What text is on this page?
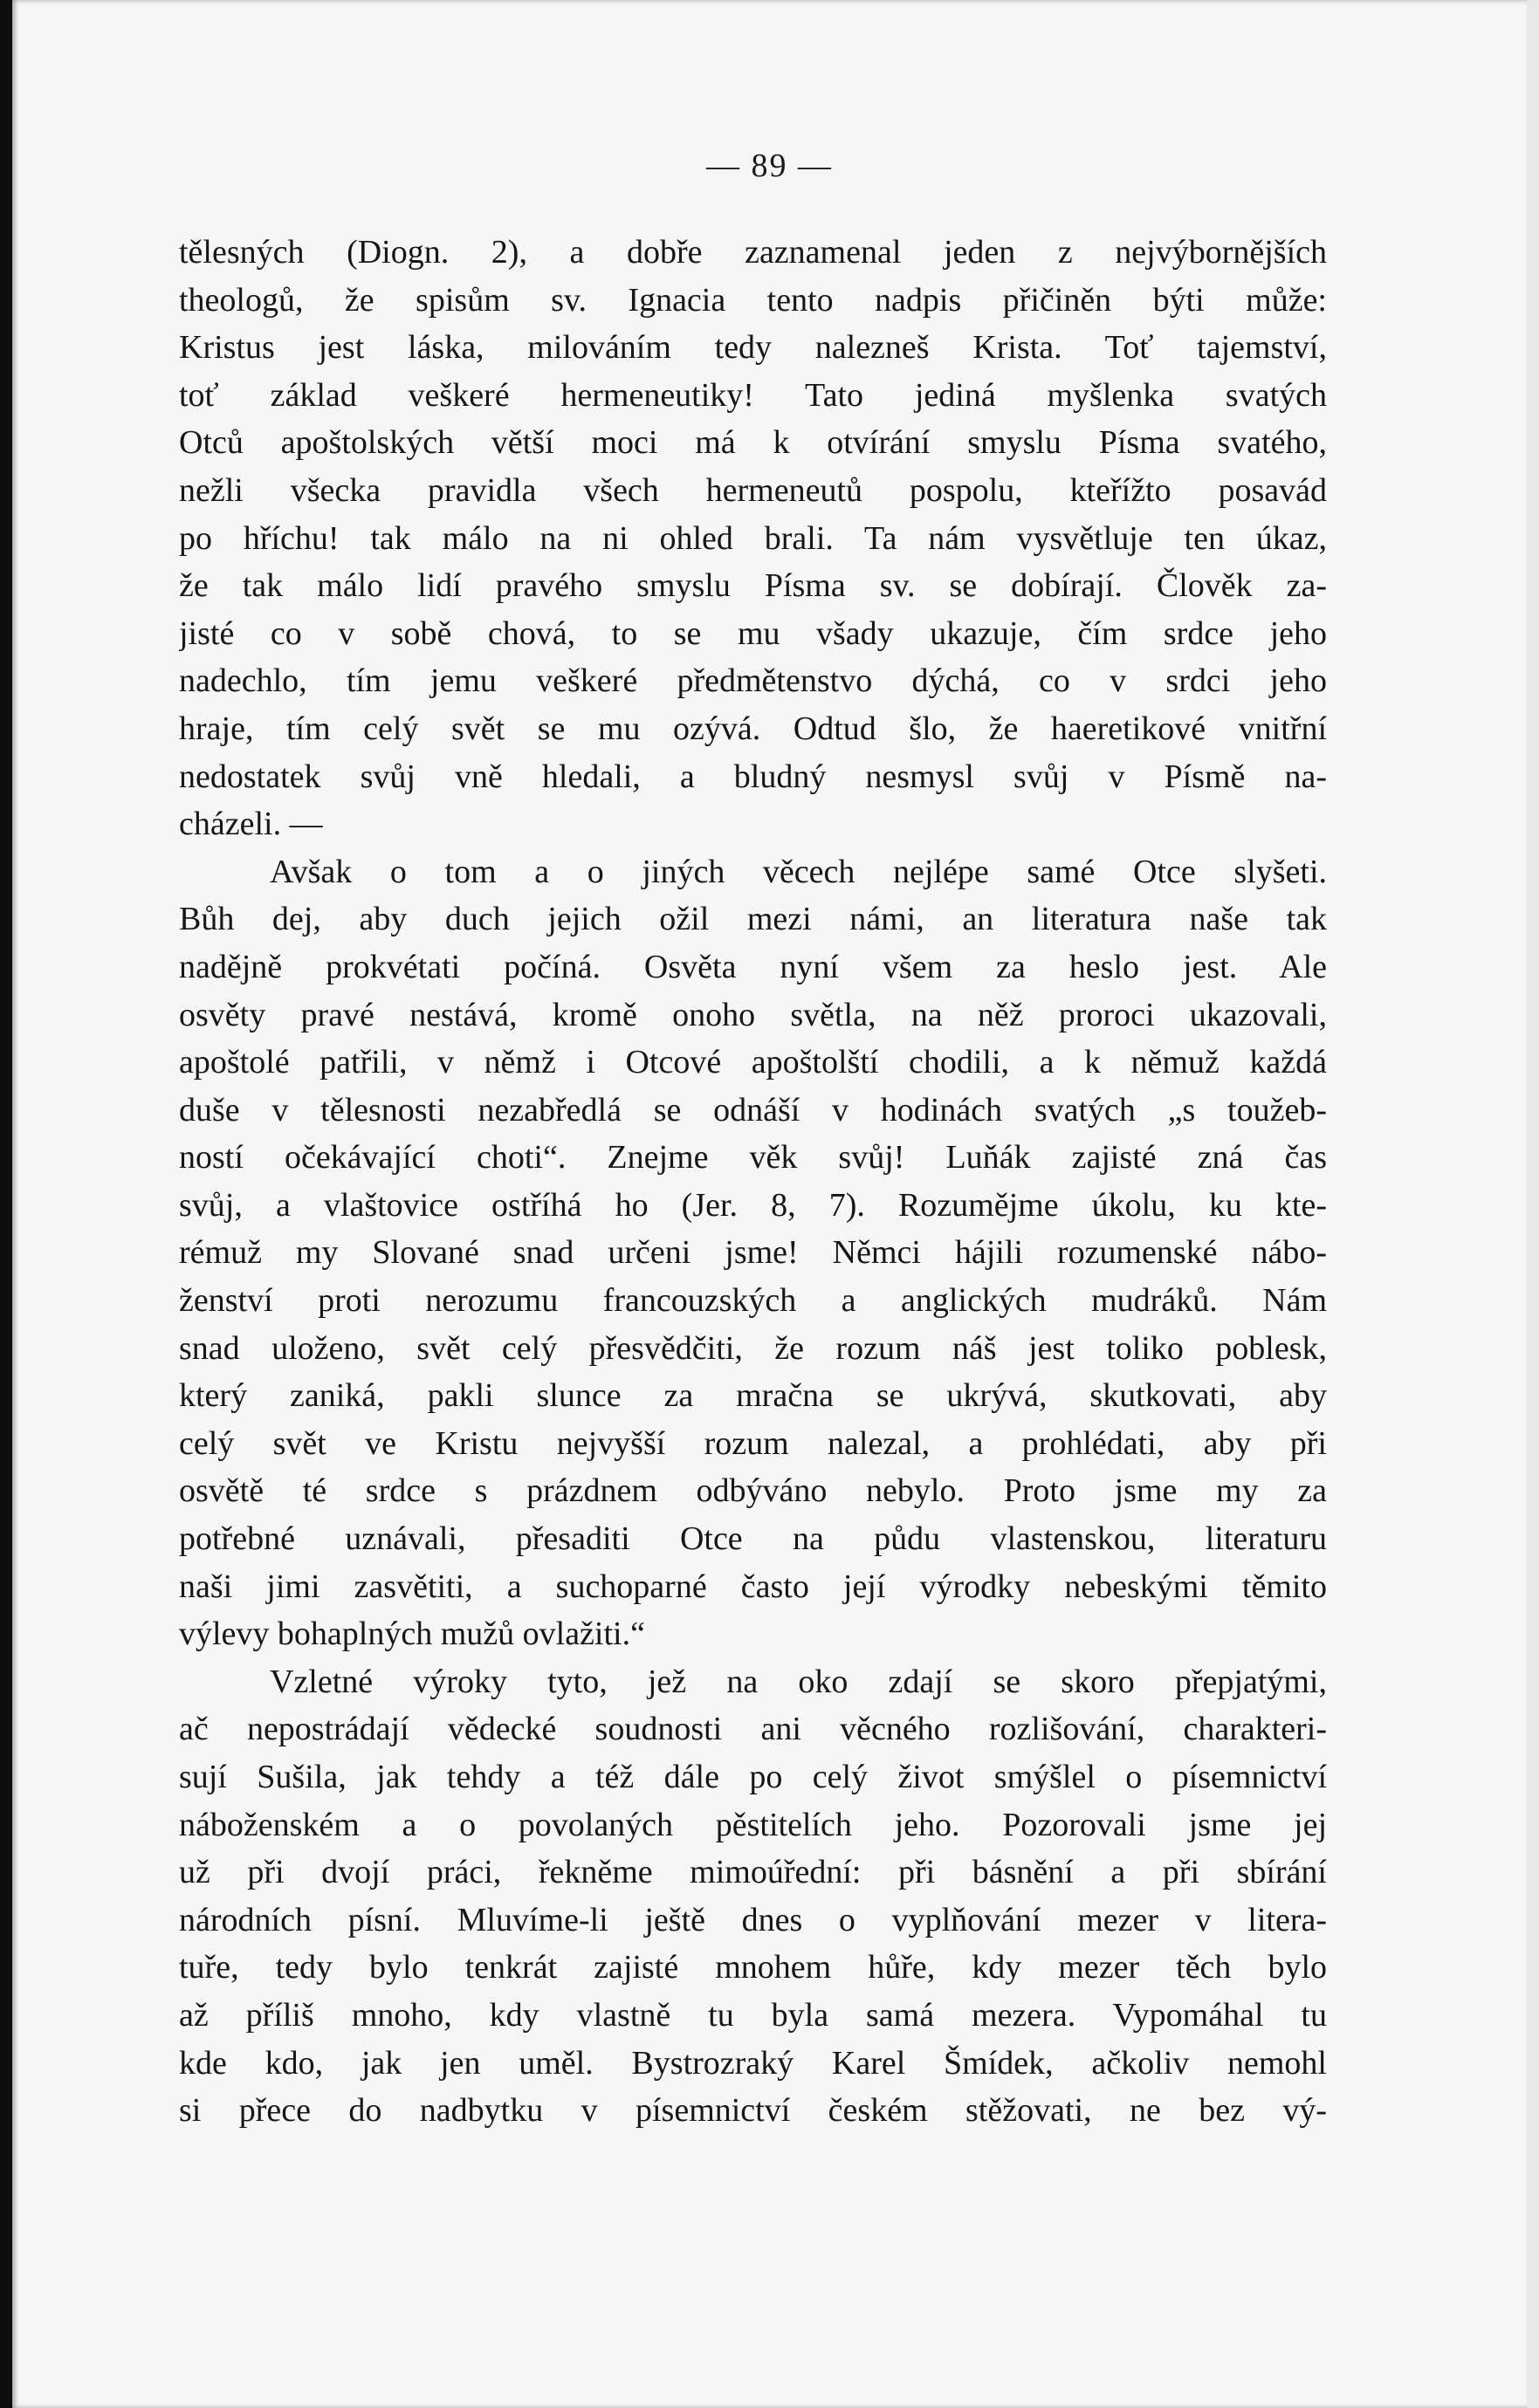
— 89 —
tělesných (Diogn. 2), a dobře zaznamenal jeden z nejvýbornějších
theologů, že spisům sv. Ignacia tento nadpis přičiněn býti může:
Kristus jest láska, milováním tedy nalezneš Krista. Toť tajemství,
toť základ veškeré hermeneutiky! Tato jediná myšlenka svatých
Otců apoštolských větší moci má k otvírání smyslu Písma svatého,
nežli všecka pravidla všech hermeneutů pospolu, kteřížto posavád
po hříchu! tak málo na ni ohled brali. Ta nám vysvětluje ten úkaz,
že tak málo lidí pravého smyslu Písma sv. se dobírají. Člověk za-
jisté co v sobě chová, to se mu všady ukazuje, čím srdce jeho
nadechlo, tím jemu veškeré předmětenstvo dýchá, co v srdci jeho
hraje, tím celý svět se mu ozývá. Odtud šlo, že haeretikové vnitřní
nedostatek svůj vně hledali, a bludný nesmysl svůj v Písmě na-
cházeli. —
Avšak o tom a o jiných věcech nejlépe samé Otce slyšeti.
Bůh dej, aby duch jejich ožil mezi námi, an literatura naše tak
nadějně prokvétati počíná. Osvěta nyní všem za heslo jest. Ale
osvěty pravé nestává, kromě onoho světla, na něž proroci ukazovali,
apoštolé patřili, v němž i Otcové apoštolští chodili, a k němuž každá
duše v tělesnosti nezabředlá se odnáší v hodinách svatých „s toužeb-
ností očekávající choti“. Znejme věk svůj! Luňák zajisté zná čas
svůj, a vlaštovice ostříhá ho (Jer. 8, 7). Rozumějme úkolu, ku kte-
rémuž my Slované snad určeni jsme! Němci hájili rozumenské nábo-
ženství proti nerozumu francouzských a anglických mudráků. Nám
snad uloženo, svět celý přesvědčiti, že rozum náš jest toliko poblesk,
který zaniká, pakli slunce za mračna se ukrývá, skutkovati, aby
celý svět ve Kristu nejvyšší rozum nalezal, a prohlédati, aby při
osvětě té srdce s prázdnem odbýváno nebylo. Proto jsme my za
potřebné uznávali, přesaditi Otce na půdu vlastenskou, literaturu
naši jimi zasvětiti, a suchoparné často její výrodky nebeskými těmito
výlevy bohaplných mužů ovlažiti.“
Vzletné výroky tyto, jež na oko zdají se skoro přepjatými,
ač nepostrádají vědecké soudnosti ani věcného rozlišování, charakteri-
sují Sušila, jak tehdy a též dále po celý život smýšlel o písemnictví
náboženském a o povolaných pěstitelích jeho. Pozorovali jsme jej
už při dvojí práci, řekněme mimoúřední: při básnění a při sbírání
národních písní. Mluvíme-li ještě dnes o vyplňování mezer v litera-
tuře, tedy bylo tenkrát zajisté mnohem hůře, kdy mezer těch bylo
až příliš mnoho, kdy vlastně tu byla samá mezera. Vypomáhal tu
kde kdo, jak jen uměl. Bystrozraký Karel Šmídek, ačkoliv nemohl
si přece do nadbytku v písemnictví českém stěžovati, ne bez vý-
